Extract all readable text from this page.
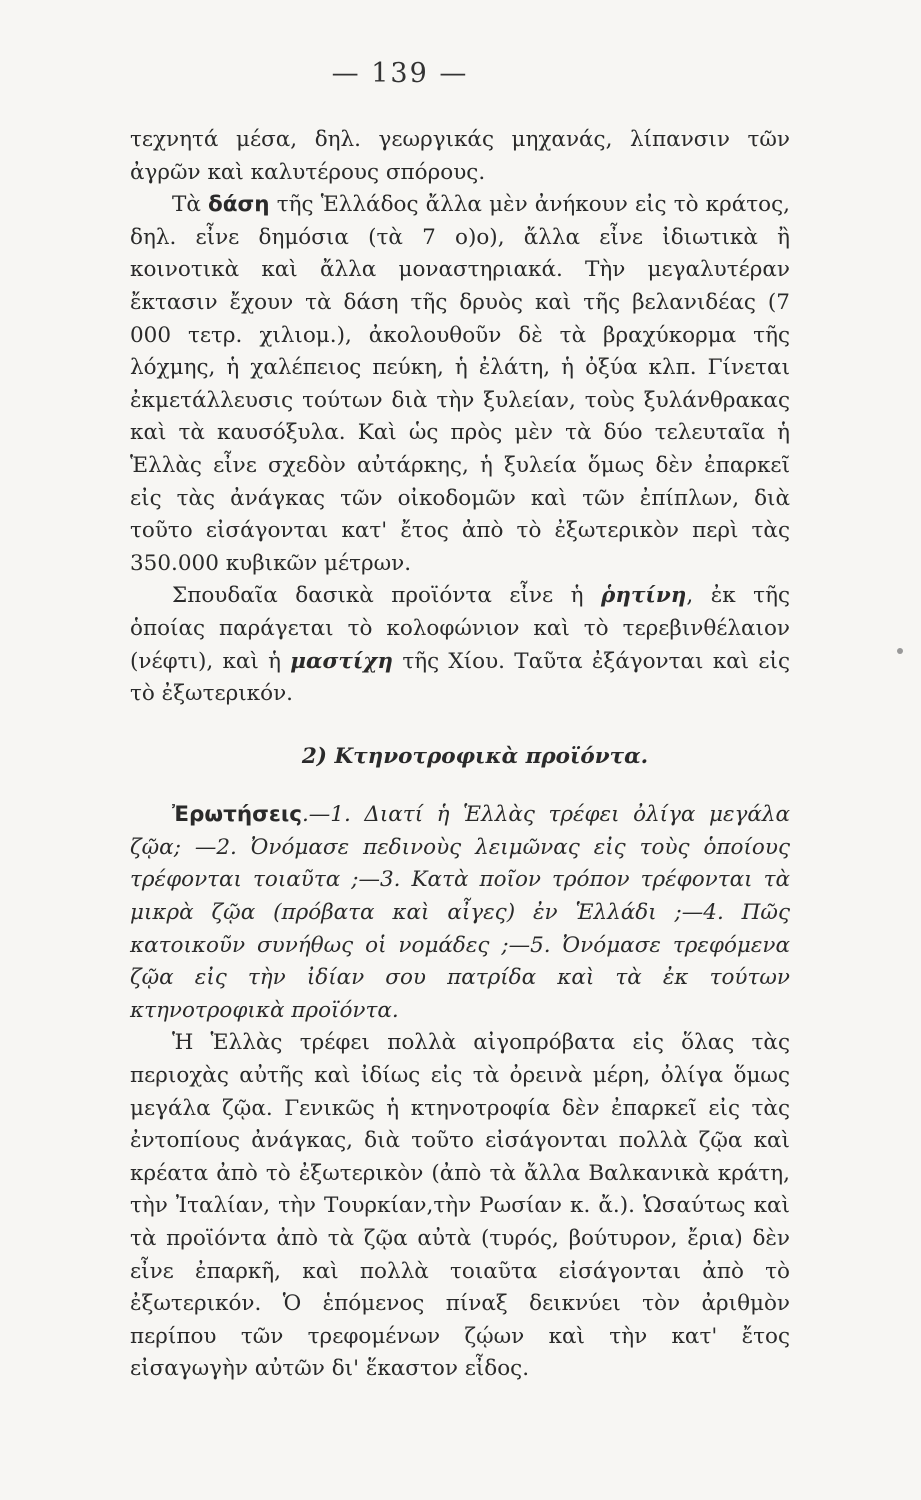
— 139 —

τεχνητά μέσα, δηλ. γεωργικάς μηχανάς, λίπανσιν τῶν ἀγρῶν καὶ καλυτέρους σπόρους.

Τὰ δάση τῆς Ἑλλάδος ἄλλα μὲν ἀνήκουν εἰς τὸ κράτος, δηλ. εἶνε δημόσια (τὰ 7 ο)ο), ἄλλα εἶνε ἰδιωτικὰ ἢ κοινοτικὰ καὶ ἄλλα μοναστηριακά. Τὴν μεγαλυτέραν ἔκτασιν ἔχουν τὰ δάση τῆς δρυὸς καὶ τῆς βελανιδέας (7 000 τετρ. χιλιομ.), ἀκολουθοῦν δὲ τὰ βραχύκορμα τῆς λόχμης, ἡ χαλέπειος πεύκη, ἡ ἐλάτη, ἡ ὀξύα κλπ. Γίνεται ἐκμετάλλευσις τούτων διὰ τὴν ξυλείαν, τοὺς ξυλάνθρακας καὶ τὰ καυσόξυλα. Καὶ ὡς πρὸς μὲν τὰ δύο τελευταῖα ἡ Ἑλλὰς εἶνε σχεδὸν αὐτάρκης, ἡ ξυλεία ὅμως δὲν ἐπαρκεῖ εἰς τὰς ἀνάγκας τῶν οἰκοδομῶν καὶ τῶν ἐπίπλων, διὰ τοῦτο εἰσάγονται κατ' ἔτος ἀπὸ τὸ ἐξωτερικὸν περὶ τὰς 350.000 κυβικῶν μέτρων.

Σπουδαῖα δασικὰ προϊόντα εἶνε ἡ ῥητίνη, ἐκ τῆς ὁποίας παράγεται τὸ κολοφώνιον καὶ τὸ τερεβινθέλαιον (νέφτι), καὶ ἡ μαστίχη τῆς Χίου. Ταῦτα ἐξάγονται καὶ εἰς τὸ ἐξωτερικόν.

2) Κτηνοτροφικὰ προϊόντα.

Ἐρωτήσεις.—1. Διατί ἡ Ἑλλὰς τρέφει ὀλίγα μεγάλα ζῷα; —2. Ὀνόμασε πεδινοὺς λειμῶνας εἰς τοὺς ὁποίους τρέφονται τοιαῦτα ;—3. Κατὰ ποῖον τρόπον τρέφονται τὰ μικρὰ ζῷα (πρόβατα καὶ αἶγες) ἐν Ἑλλάδι ;—4. Πῶς κατοικοῦν συνήθως οἱ νομάδες ;—5. Ὀνόμασε τρεφόμενα ζῷα εἰς τὴν ἰδίαν σου πατρίδα καὶ τὰ ἐκ τούτων κτηνοτροφικὰ προϊόντα.

Ἡ Ἑλλὰς τρέφει πολλὰ αἰγοπρόβατα εἰς ὅλας τὰς περιοχὰς αὐτῆς καὶ ἰδίως εἰς τὰ ὀρεινὰ μέρη, ὀλίγα ὅμως μεγάλα ζῷα. Γενικῶς ἡ κτηνοτροφία δὲν ἐπαρκεῖ εἰς τὰς ἐντοπίους ἀνάγκας, διὰ τοῦτο εἰσάγονται πολλὰ ζῷα καὶ κρέατα ἀπὸ τὸ ἐξωτερικὸν (ἀπὸ τὰ ἄλλα Βαλκανικὰ κράτη, τὴν Ἰταλίαν, τὴν Τουρκίαν,τὴν Ρωσίαν κ. ἄ.). Ὡσαύτως καὶ τὰ προϊόντα ἀπὸ τὰ ζῷα αὐτὰ (τυρός, βούτυρον, ἔρια) δὲν εἶνε ἐπαρκῆ, καὶ πολλὰ τοιαῦτα εἰσάγονται ἀπὸ τὸ ἐξωτερικόν. Ὁ ἑπόμενος πίναξ δεικνύει τὸν ἀριθμὸν περίπου τῶν τρεφομένων ζῴων καὶ τὴν κατ' ἔτος εἰσαγωγὴν αὐτῶν δι' ἕκαστον εἶδος.
